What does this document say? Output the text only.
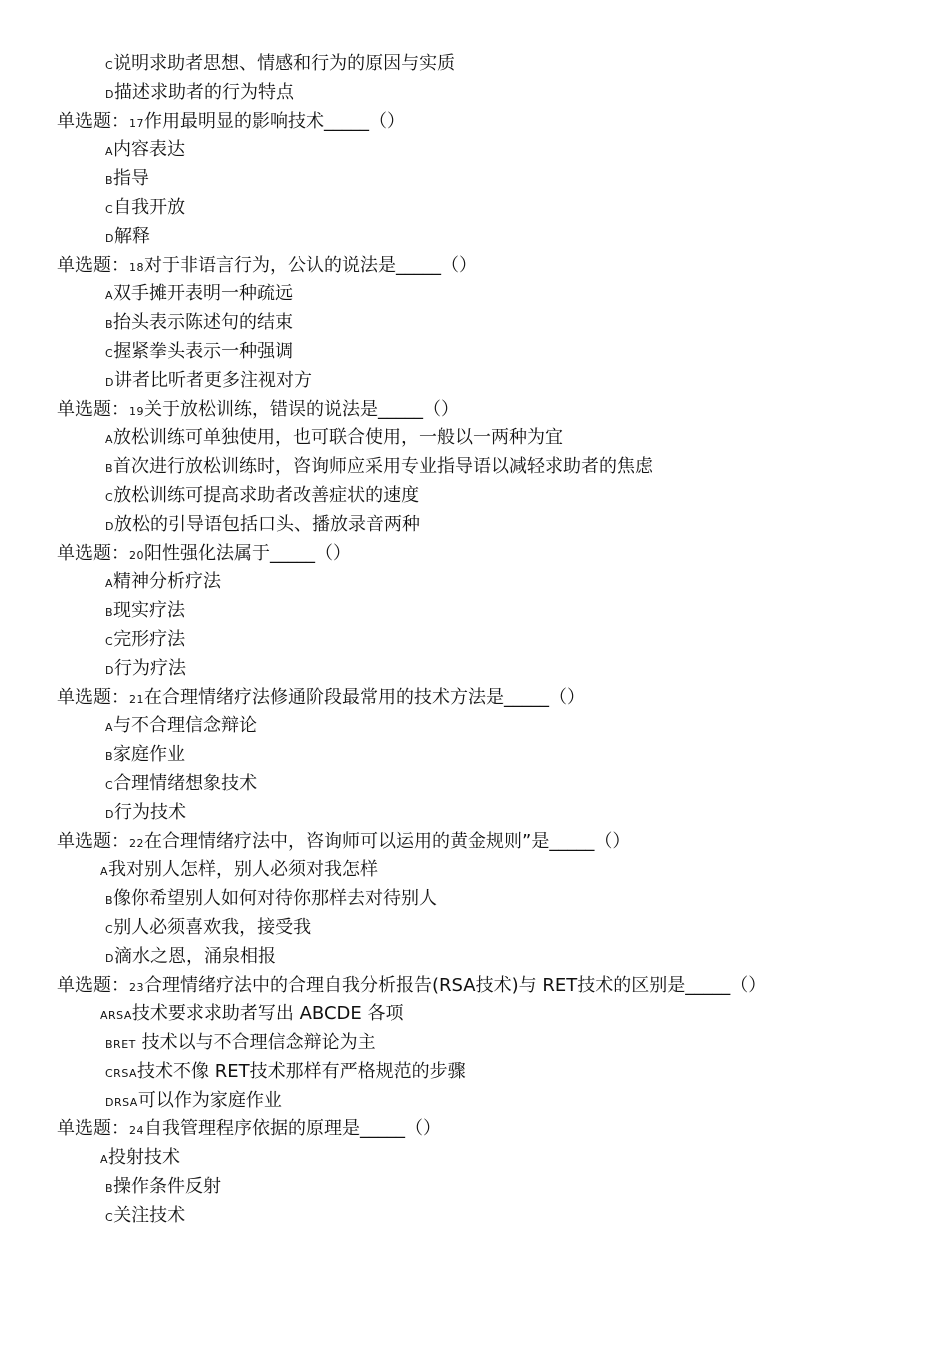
C说明求助者思想、情感和行为的原因与实质
D描述求助者的行为特点
单选题：17作用最明显的影响技术_____（）
A内容表达
B指导
C自我开放
D解释
单选题：18对于非语言行为，公认的说法是_____（）
A双手摊开表明一种疏远
B抬头表示陈述句的结束
C握紧拳头表示一种强调
D讲者比听者更多注视对方
单选题：19关于放松训练，错误的说法是_____（）
A放松训练可单独使用，也可联合使用，一般以一两种为宜
B首次进行放松训练时，咨询师应采用专业指导语以减轻求助者的焦虑
C放松训练可提高求助者改善症状的速度
D放松的引导语包括口头、播放录音两种
单选题：20阳性强化法属于_____（）
A精神分析疗法
B现实疗法
C完形疗法
D行为疗法
单选题：21在合理情绪疗法修通阶段最常用的技术方法是_____（）
A与不合理信念辩论
B家庭作业
C合理情绪想象技术
D行为技术
单选题：22在合理情绪疗法中，咨询师可以运用的黄金规则”是_____（）
A我对别人怎样，别人必须对我怎样
B像你希望别人如何对待你那样去对待别人
C别人必须喜欢我，接受我
D滴水之恩，涌泉相报
单选题：23合理情绪疗法中的合理自我分析报告(RSA技术)与 RET技术的区别是_____（）
ARSA技术要求求助者写出 ABCDE 各项
BRET 技术以与不合理信念辩论为主
CRSA技术不像 RET技术那样有严格规范的步骤
DRSA可以作为家庭作业
单选题：24自我管理程序依据的原理是_____（）
A投射技术
B操作条件反射
C关注技术
